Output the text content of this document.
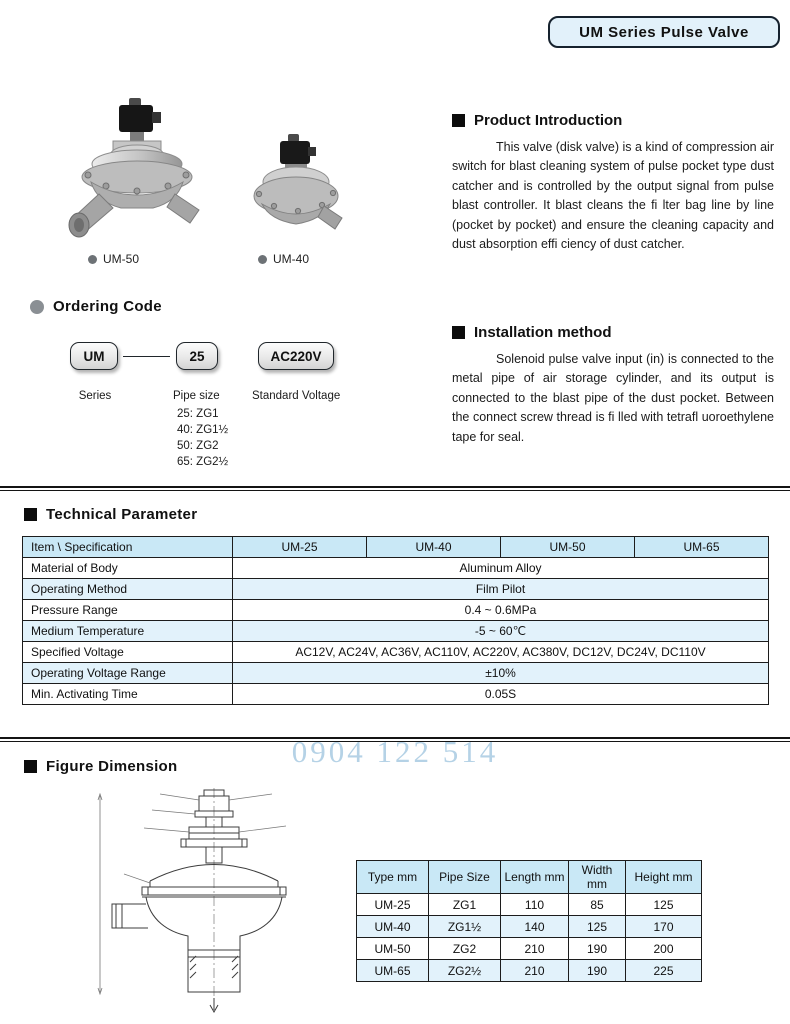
0904 122 514
UM Series Pulse Valve
UM-50	UM-40
Product Introduction
This valve (disk valve) is a kind of compression air switch for blast cleaning system of pulse pocket type dust catcher and is controlled by the output signal from pulse blast controller. It blast cleans the fi lter bag line by line (pocket by pocket) and ensure the cleaning capacity and dust absorption effi ciency of dust catcher.
Installation method
Solenoid pulse valve input (in) is connected to the metal pipe of air storage cylinder, and its output is connected to the blast pipe of the dust pocket. Between the connect screw thread is fi lled with tetrafl uoroethylene tape for seal.
Ordering Code
UM	25	AC220V
Series	Pipe size
25: ZG1
40: ZG1½
50: ZG2
65: ZG2½
Standard Voltage
Technical Parameter
Item \ Specification	UM-25	UM-40	UM-50	UM-65
Material of Body	Aluminum Alloy			
Operating Method	Film Pilot			
Pressure Range	0.4 ~ 0.6MPa			
Medium Temperature	-5 ~ 60℃			
Specified Voltage	AC12V, AC24V, AC36V, AC110V, AC220V, AC380V, DC12V, DC24V, DC110V			
Operating Voltage Range	±10%			
Min. Activating Time	0.05S			
Figure Dimension
Type mm	Pipe Size	Length mm	Width mm	Height mm
UM-25	ZG1	110	85	125
UM-40	ZG1½	140	125	170
UM-50	ZG2	210	190	200
UM-65	ZG2½	210	190	225
